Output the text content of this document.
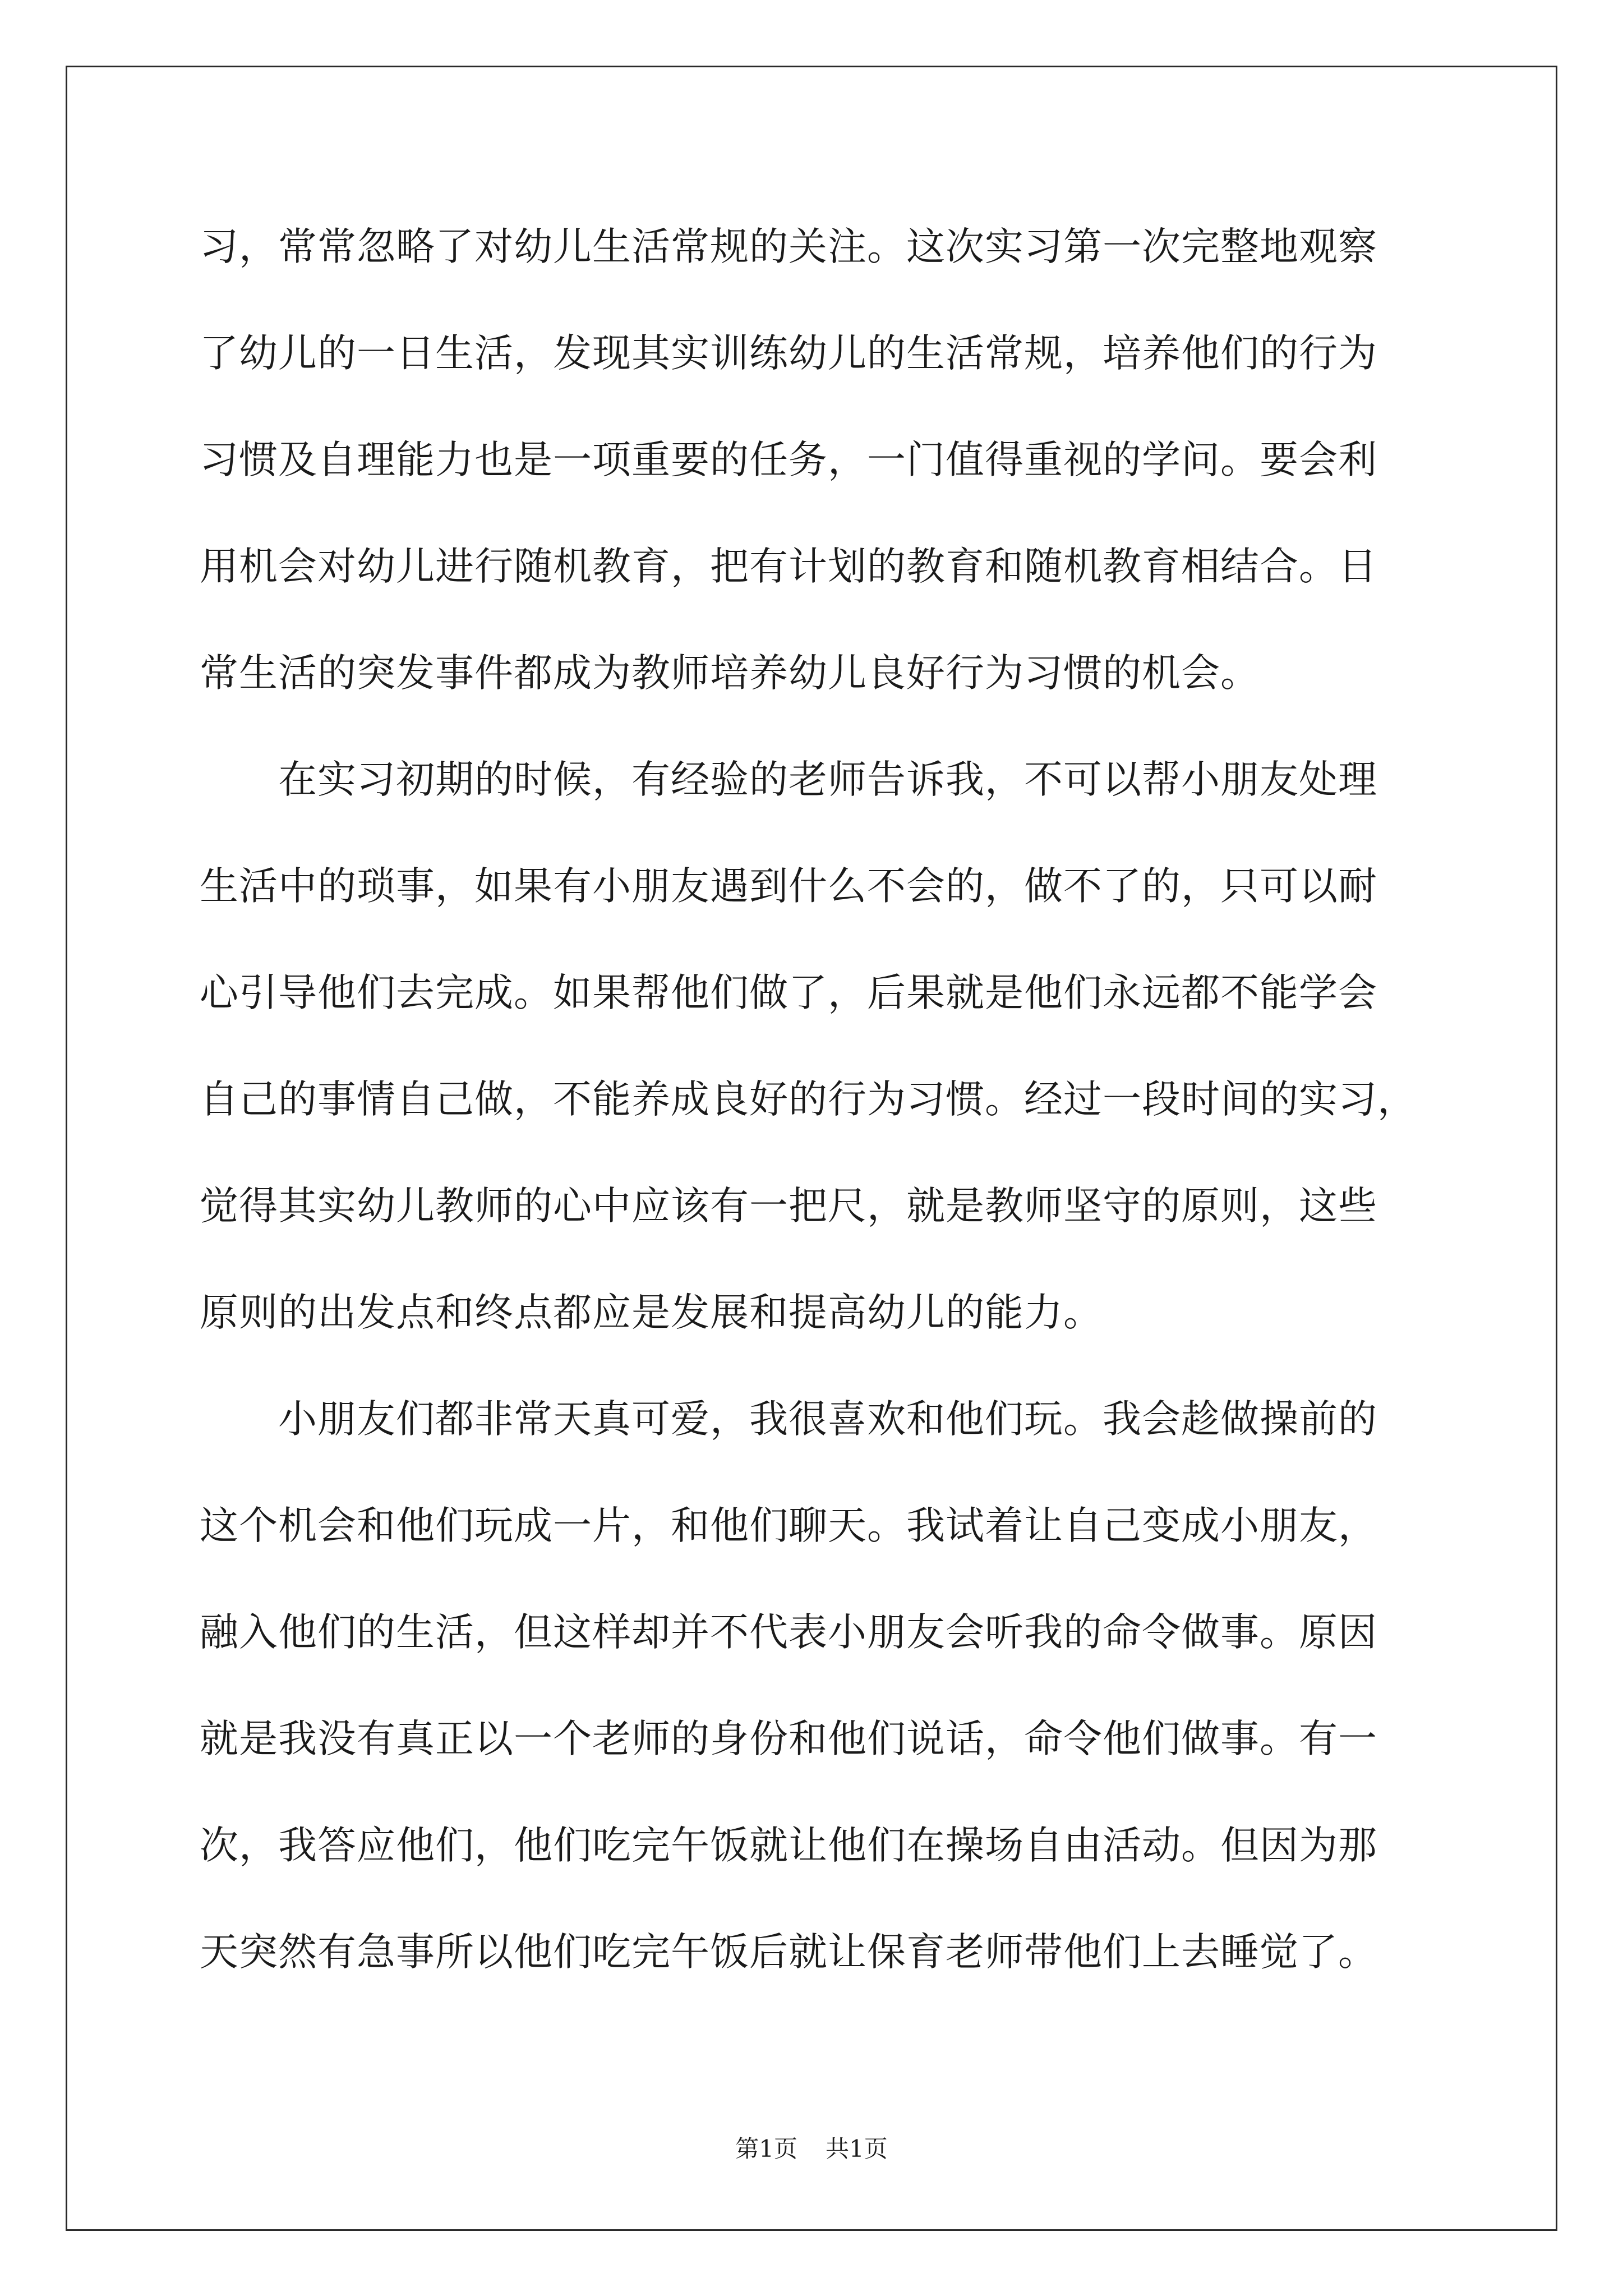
习，常常忽略了对幼儿生活常规的关注。这次实习第一次完整地观察
了幼儿的一日生活，发现其实训练幼儿的生活常规，培养他们的行为
习惯及自理能力也是一项重要的任务，一门值得重视的学问。要会利
用机会对幼儿进行随机教育，把有计划的教育和随机教育相结合。日
常生活的突发事件都成为教师培养幼儿良好行为习惯的机会。
　　在实习初期的时候，有经验的老师告诉我，不可以帮小朋友处理
生活中的琐事，如果有小朋友遇到什么不会的，做不了的，只可以耐
心引导他们去完成。如果帮他们做了，后果就是他们永远都不能学会
自己的事情自己做，不能养成良好的行为习惯。经过一段时间的实习，
觉得其实幼儿教师的心中应该有一把尺，就是教师坚守的原则，这些
原则的出发点和终点都应是发展和提高幼儿的能力。
　　小朋友们都非常天真可爱，我很喜欢和他们玩。我会趁做操前的
这个机会和他们玩成一片，和他们聊天。我试着让自己变成小朋友，
融入他们的生活，但这样却并不代表小朋友会听我的命令做事。原因
就是我没有真正以一个老师的身份和他们说话，命令他们做事。有一
次，我答应他们，他们吃完午饭就让他们在操场自由活动。但因为那
天突然有急事所以他们吃完午饭后就让保育老师带他们上去睡觉了。
第1页 共1页
